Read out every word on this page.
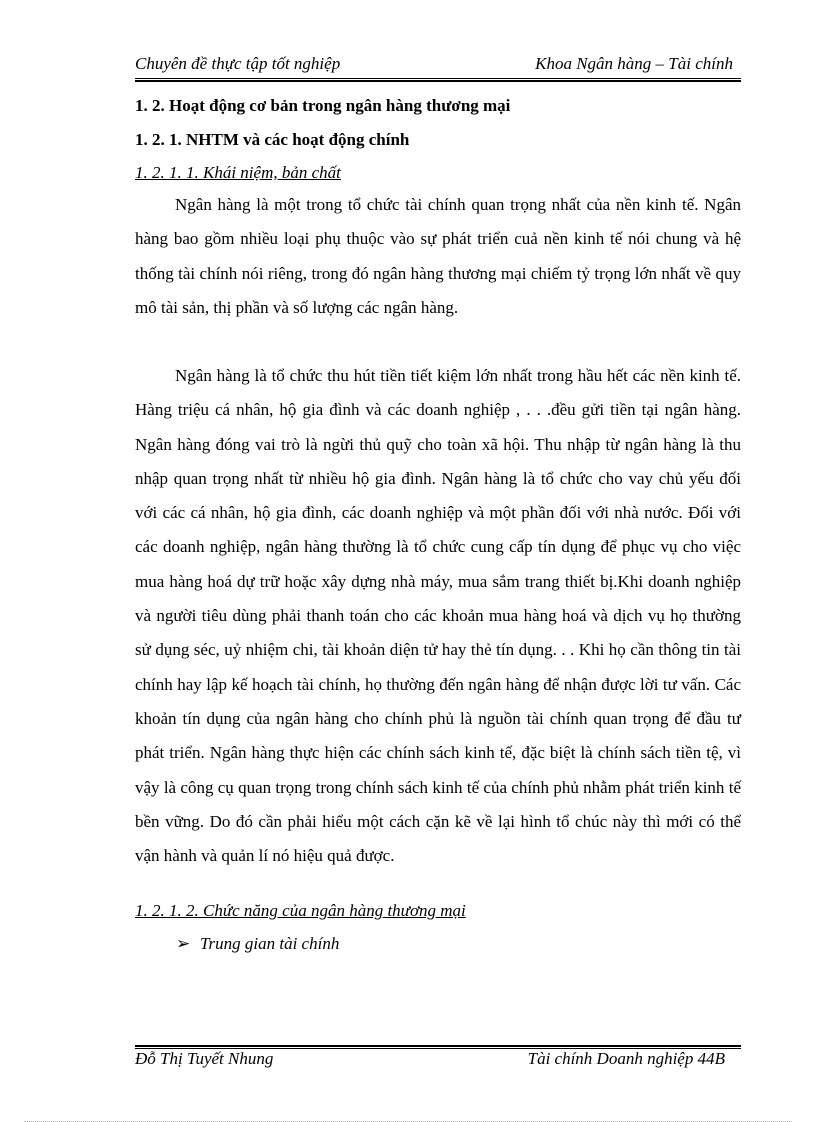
Chuyên đề thực tập tốt nghiệp	Khoa Ngân hàng – Tài chính
1. 2. Hoạt động cơ bản trong ngân hàng thương mại
1. 2. 1. NHTM và các hoạt động chính
1. 2. 1. 1. Khái niệm, bản chất

Ngân hàng là một trong tổ chức tài chính quan trọng nhất của nền kinh tế. Ngân hàng bao gồm nhiều loại phụ thuộc vào sự phát triển cuả nền kinh tế nói chung và hệ thống tài chính nói riêng, trong đó ngân hàng thương mại chiếm tỷ trọng lớn nhất về quy mô tài sản, thị phần và số lượng các ngân hàng.

Ngân hàng là tổ chức thu hút tiền tiết kiệm lớn nhất trong hầu hết các nền kinh tế. Hàng triệu cá nhân, hộ gia đình và các doanh nghiệp , . . .đều gửi tiền tại ngân hàng. Ngân hàng đóng vai trò là ngừi thủ quỹ cho toàn xã hội. Thu nhập từ ngân hàng là thu nhập quan trọng nhất từ nhiều hộ gia đình. Ngân hàng là tổ chức cho vay chủ yếu đối với các cá nhân, hộ gia đình, các doanh nghiệp và một phần đối với nhà nước. Đối với các doanh nghiệp, ngân hàng thường là tổ chức cung cấp tín dụng để phục vụ cho việc mua hàng hoá dự trữ hoặc xây dựng nhà máy, mua sắm trang thiết bị.Khi doanh nghiệp và người tiêu dùng phải thanh toán cho các khoản mua hàng hoá và dịch vụ họ thường sử dụng séc, uỷ nhiệm chi, tài khoản diện tử hay thẻ tín dụng. . . Khi họ cần thông tin tài chính hay lập kế hoạch tài chính, họ thường đến ngân hàng để nhận được lời tư vấn. Các khoản tín dụng của ngân hàng cho chính phủ là nguồn tài chính quan trọng để đầu tư phát triển. Ngân hàng thực hiện các chính sách kinh tế, đặc biệt là chính sách tiền tệ, vì vậy là công cụ quan trọng trong chính sách kinh tế của chính phủ nhằm phát triển kinh tế bền vững. Do đó cần phải hiểu một cách cặn kẽ về lại hình tổ chúc này thì mới có thể vận hành và quản lí nó hiệu quả được.

1. 2. 1. 2. Chức năng của ngân hàng thương mại
➢ Trung gian tài chính
Đỗ Thị Tuyết Nhung	Tài chính Doanh nghiệp 44B
